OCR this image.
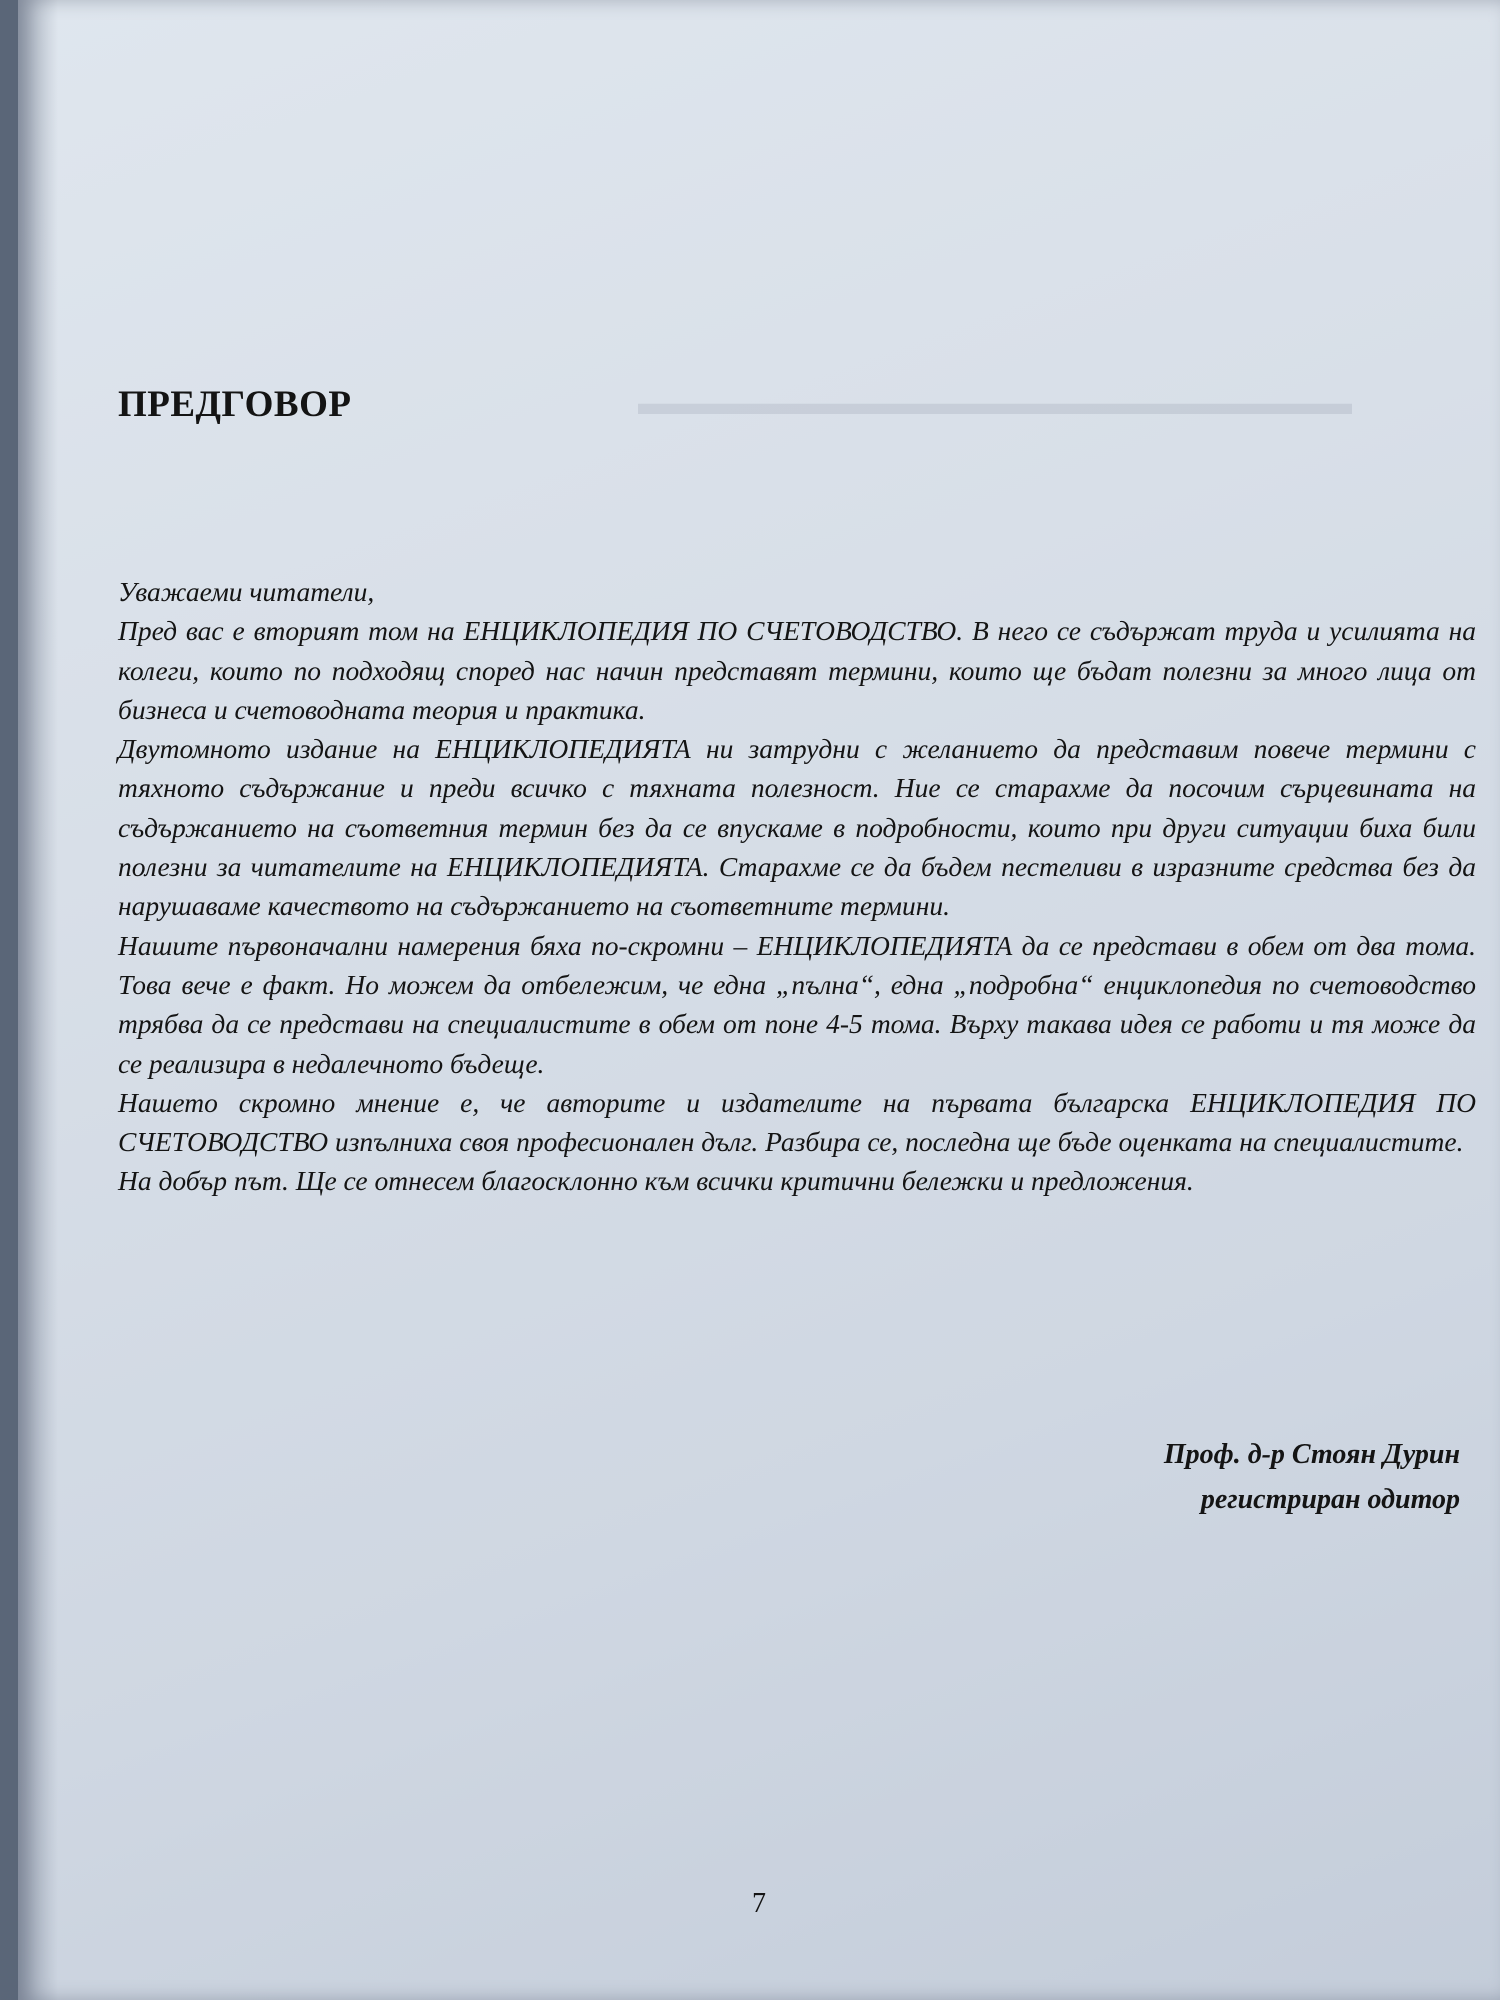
▬▬▬▬▬▬▬▬▬▬▬▬▬▬▬▬▬▬▬▬▬
ПРЕДГОВОР

Уважаеми читатели,

Пред вас е вторият том на ЕНЦИКЛОПЕДИЯ ПО СЧЕТОВОДСТВО. В него се съдържат труда и усилията на колеги, които по подходящ според нас начин представят термини, които ще бъдат полезни за много лица от бизнеса и счетоводната теория и практика.

Двутомното издание на ЕНЦИКЛОПЕДИЯТА ни затрудни с желанието да представим повече термини с тяхното съдържание и преди всичко с тяхната полезност. Ние се старахме да посочим сърцевината на съдържанието на съответния термин без да се впускаме в подробности, които при други ситуации биха били полезни за читателите на ЕНЦИКЛОПЕДИЯТА. Старахме се да бъдем пестеливи в изразните средства без да нарушаваме качеството на съдържанието на съответните термини.

Нашите първоначални намерения бяха по-скромни – ЕНЦИКЛОПЕДИЯТА да се представи в обем от два тома. Това вече е факт. Но можем да отбележим, че една „пълна“, една „подробна“ енциклопедия по счетоводство трябва да се представи на специалистите в обем от поне 4-5 тома. Върху такава идея се работи и тя може да се реализира в недалечното бъдеще.

Нашето скромно мнение е, че авторите и издателите на първата българска ЕНЦИКЛОПЕДИЯ ПО СЧЕТОВОДСТВО изпълниха своя професионален дълг. Разбира се, последна ще бъде оценката на специалистите.

На добър път. Ще се отнесем благосклонно към всички критични бележки и предложения.

Проф. д-р Стоян Дурин
регистриран одитор
7
